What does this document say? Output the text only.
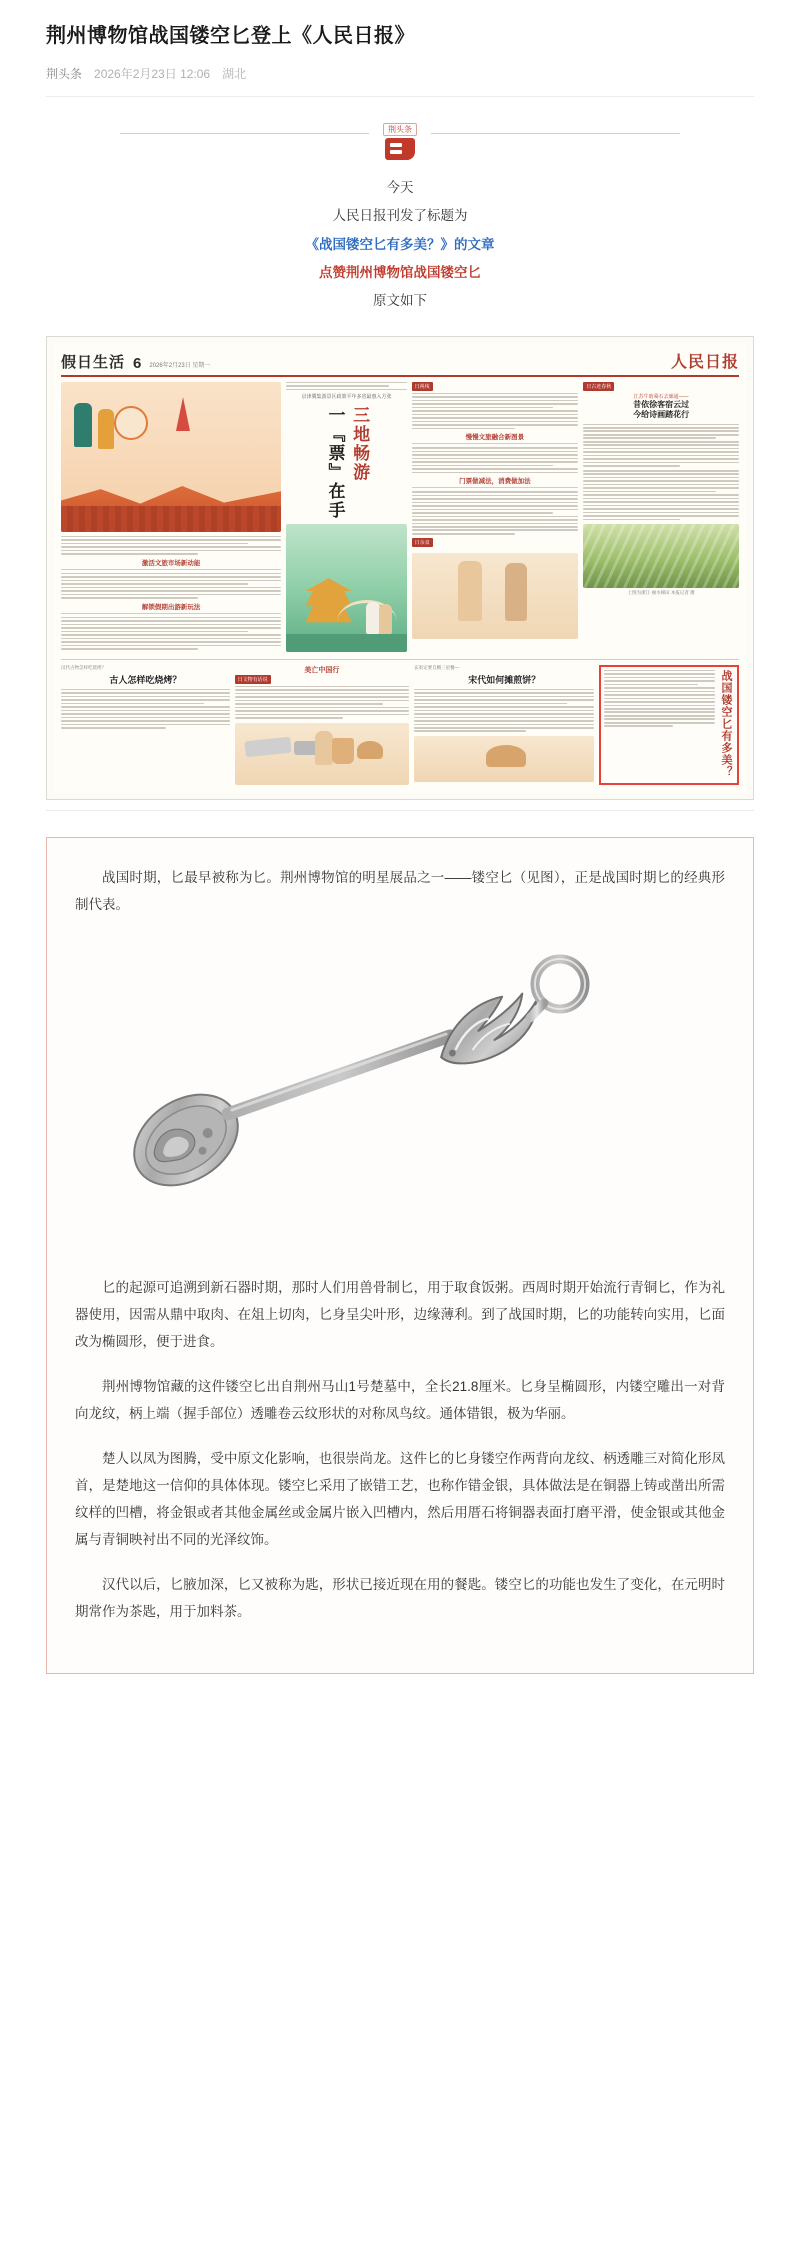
荆州博物馆战国镂空匕登上《人民日报》
荆头条 2026年2月23日 12:06 湖北
荆头条
今天
人民日报刊发了标题为
《战国镂空匕有多美？》的文章
点赞荆州博物馆战国镂空匕
原文如下
假日生活 6 2026年2月23日 星期一	人民日报
激活文旅市场新动能
解锁假期出游新玩法
京津冀集游景区政策平年多省最惠入方张
一『票』在手 三地畅游
日视线
慢慢文旅融合新图景
门票做减法，消费做加法
日余食
日古迹春秋
江苏牛昉蓦石去廊通——
昔依徐客宿云过
今给诗画踏花行
上图为浙江·丽水梯田 本报记者 摄
汉代古物怎样吃烧烤？
古人怎样吃烧烤？
美亡中国行
日文物有话说
玄束定要自腾三星餐—
宋代如何摊煎饼？	战国镂空匕有多美？

战国时期，匕最早被称为匕。荆州博物馆的明星展品之一——镂空匕（见图），正是战国时期匕的经典形制代表。

匕的起源可追溯到新石器时期，那时人们用兽骨制匕，用于取食饭粥。西周时期开始流行青铜匕，作为礼器使用，因需从鼎中取肉、在俎上切肉，匕身呈尖叶形，边缘薄利。到了战国时期，匕的功能转向实用，匕面改为椭圆形，便于进食。

荆州博物馆藏的这件镂空匕出自荆州马山1号楚墓中，全长21.8厘米。匕身呈椭圆形，内镂空雕出一对背向龙纹，柄上端（握手部位）透雕卷云纹形状的对称凤鸟纹。通体错银，极为华丽。

楚人以凤为图腾，受中原文化影响，也很崇尚龙。这件匕的匕身镂空作两背向龙纹、柄透雕三对简化形凤首，是楚地这一信仰的具体体现。镂空匕采用了嵌错工艺，也称作错金银，具体做法是在铜器上铸或凿出所需纹样的凹槽，将金银或者其他金属丝或金属片嵌入凹槽内，然后用厝石将铜器表面打磨平滑，使金银或其他金属与青铜映衬出不同的光泽纹饰。

汉代以后，匕腋加深，匕又被称为匙，形状已接近现在用的餐匙。镂空匕的功能也发生了变化，在元明时期常作为茶匙，用于加料茶。
